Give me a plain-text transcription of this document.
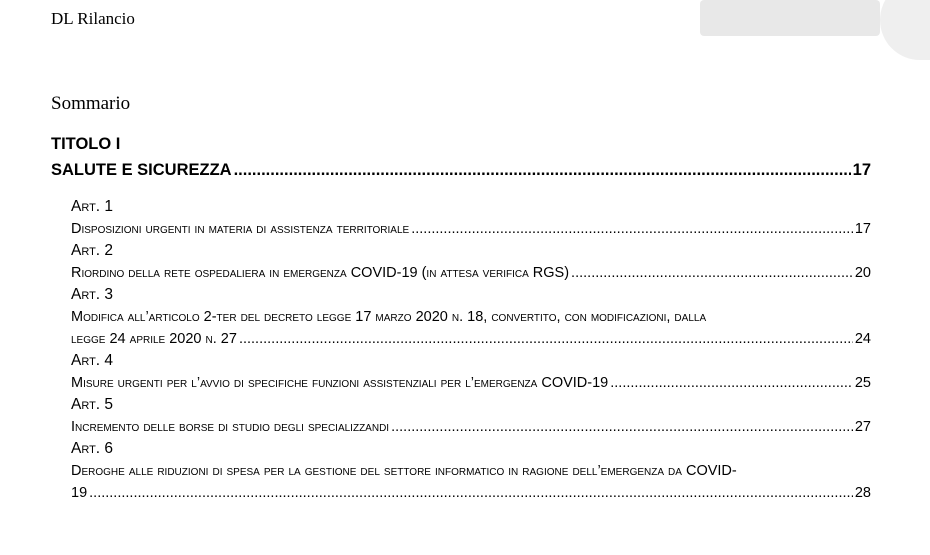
DL Rilancio
Sommario
TITOLO I
SALUTE E SICUREZZA .....	17
Art. 1
Disposizioni urgenti in materia di assistenza territoriale .....	17
Art. 2
Riordino della rete ospedaliera in emergenza COVID-19 (in attesa verifica RGS) .....	20
Art. 3
Modifica all’articolo 2-ter del decreto legge 17 marzo 2020 n. 18, convertito, con modificazioni, dalla
legge 24 aprile 2020 n. 27 .....	24
Art. 4
Misure urgenti per l’avvio di specifiche funzioni assistenziali per l’emergenza COVID-19 .....	25
Art. 5
Incremento delle borse di studio degli specializzandi .....	27
Art. 6
Deroghe alle riduzioni di spesa per la gestione del settore informatico in ragione dell’emergenza da COVID-
19 .....	28
